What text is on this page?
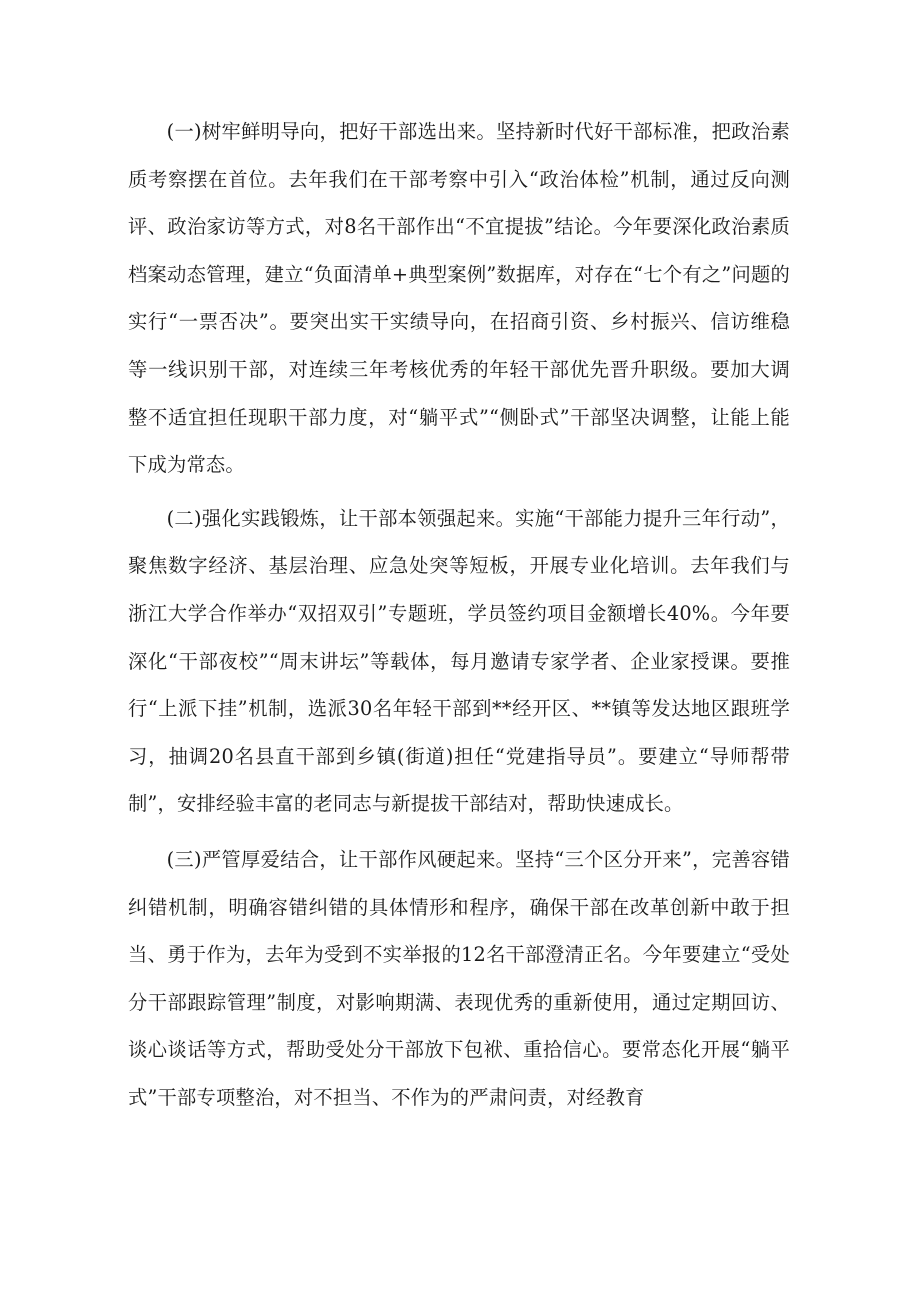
(一)树牢鲜明导向，把好干部选出来。坚持新时代好干部标准，把政治素质考察摆在首位。去年我们在干部考察中引入“政治体检”机制，通过反向测评、政治家访等方式，对8名干部作出“不宜提拔”结论。今年要深化政治素质档案动态管理，建立“负面清单+典型案例”数据库，对存在“七个有之”问题的实行“一票否决”。要突出实干实绩导向，在招商引资、乡村振兴、信访维稳等一线识别干部，对连续三年考核优秀的年轻干部优先晋升职级。要加大调整不适宜担任现职干部力度，对“躺平式”“侧卧式”干部坚决调整，让能上能下成为常态。

(二)强化实践锻炼，让干部本领强起来。实施“干部能力提升三年行动”，聚焦数字经济、基层治理、应急处突等短板，开展专业化培训。去年我们与浙江大学合作举办“双招双引”专题班，学员签约项目金额增长40%。今年要深化“干部夜校”“周末讲坛”等载体，每月邀请专家学者、企业家授课。要推行“上派下挂”机制，选派30名年轻干部到**经开区、**镇等发达地区跟班学习，抽调20名县直干部到乡镇(街道)担任“党建指导员”。要建立“导师帮带制”，安排经验丰富的老同志与新提拔干部结对，帮助快速成长。

(三)严管厚爱结合，让干部作风硬起来。坚持“三个区分开来”，完善容错纠错机制，明确容错纠错的具体情形和程序，确保干部在改革创新中敢于担当、勇于作为，去年为受到不实举报的12名干部澄清正名。今年要建立“受处分干部跟踪管理”制度，对影响期满、表现优秀的重新使用，通过定期回访、谈心谈话等方式，帮助受处分干部放下包袱、重拾信心。要常态化开展“躺平式”干部专项整治，对不担当、不作为的严肃问责，对经教育
